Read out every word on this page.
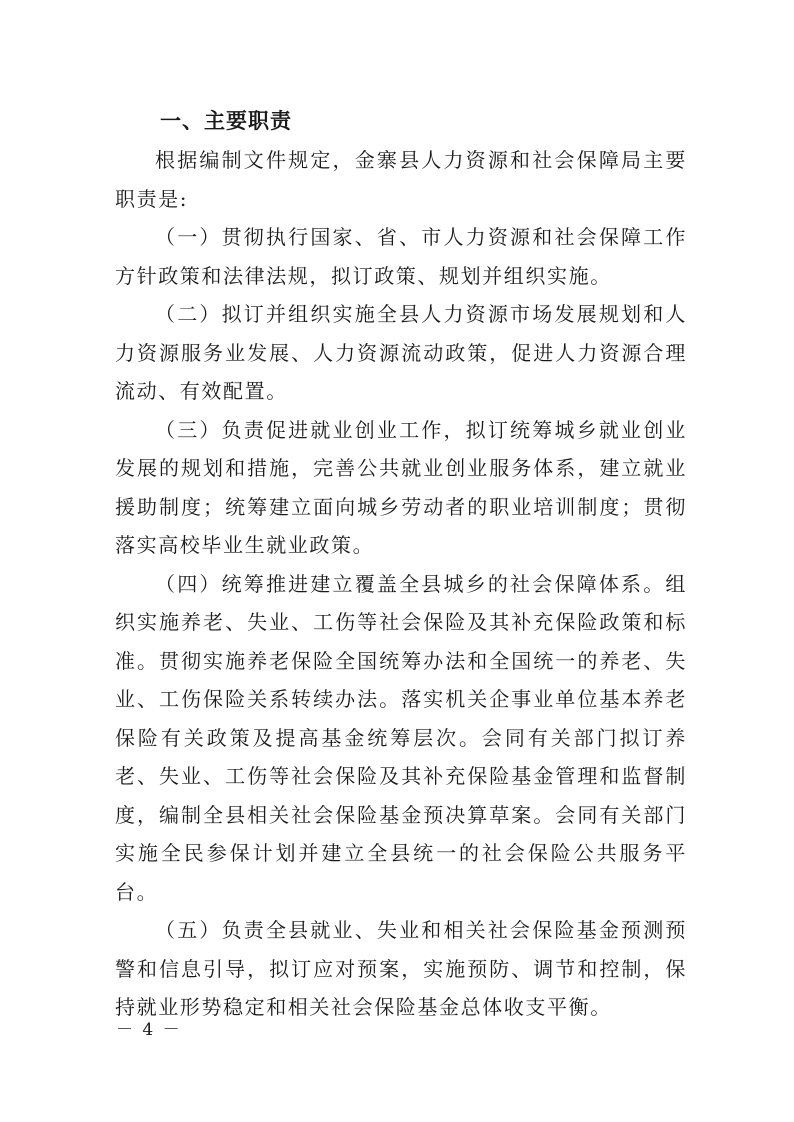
一、主要职责

根据编制文件规定，金寨县人力资源和社会保障局主要职责是:

（一）贯彻执行国家、省、市人力资源和社会保障工作方针政策和法律法规，拟订政策、规划并组织实施。

（二）拟订并组织实施全县人力资源市场发展规划和人力资源服务业发展、人力资源流动政策，促进人力资源合理流动、有效配置。

（三）负责促进就业创业工作，拟订统筹城乡就业创业发展的规划和措施，完善公共就业创业服务体系，建立就业援助制度；统筹建立面向城乡劳动者的职业培训制度；贯彻落实高校毕业生就业政策。

（四）统筹推进建立覆盖全县城乡的社会保障体系。组织实施养老、失业、工伤等社会保险及其补充保险政策和标准。贯彻实施养老保险全国统筹办法和全国统一的养老、失业、工伤保险关系转续办法。落实机关企事业单位基本养老保险有关政策及提高基金统筹层次。会同有关部门拟订养老、失业、工伤等社会保险及其补充保险基金管理和监督制度，编制全县相关社会保险基金预决算草案。会同有关部门实施全民参保计划并建立全县统一的社会保险公共服务平台。

（五）负责全县就业、失业和相关社会保险基金预测预警和信息引导，拟订应对预案，实施预防、调节和控制，保持就业形势稳定和相关社会保险基金总体收支平衡。

－ 4 －
